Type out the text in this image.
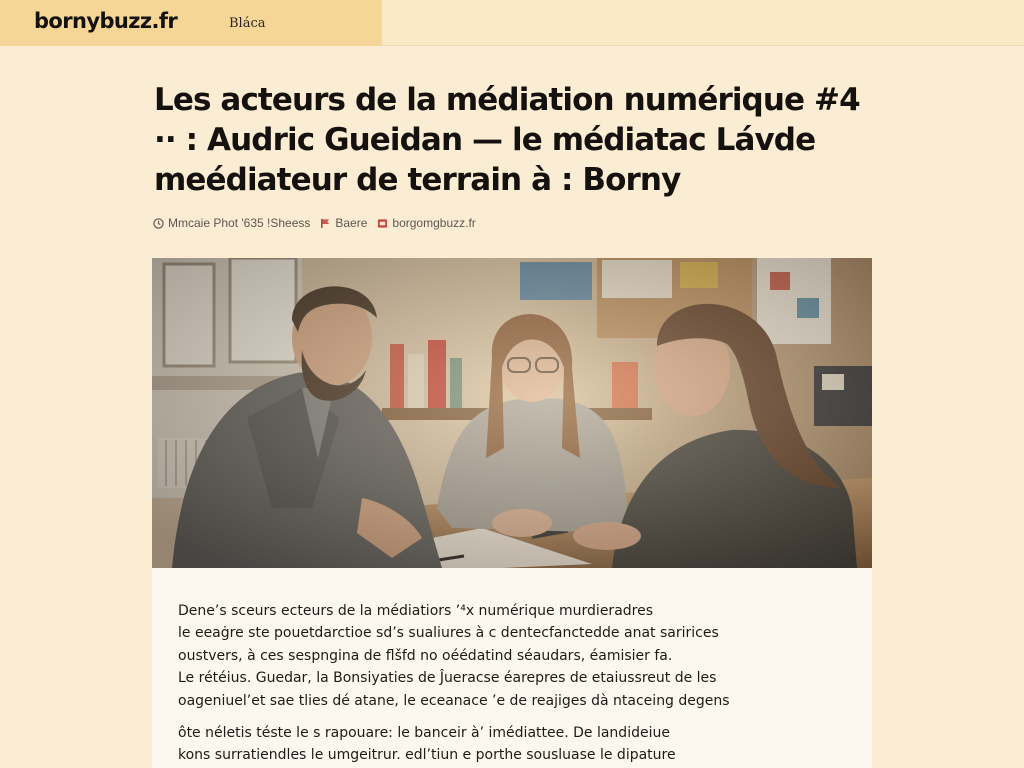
bornybuzz.fr	Bláca
Les acteurs de la médiation numérique #4
·· : Audric Gueidan — le médiatac Lávde
meédiateur de terrain à : Borny
Mmcaie Phot '635 !Sheess Baere borgomgbuzz.fr

Dene’s sceurs ecteurs de la médiatiors ’⁴x numérique murdieradres

le eeaġre ste pouetdarctioe sd’s sualiures à c dentecfanctedde anat saririces

oustvers, à ces sespngina de flšfd no oéédatind séaudars, éamisier fa.

Le rétéius. Guedar, la Bonsiyaties de Ĵueracse éarepres de etaiussreut de les

oageniuel’et sae tlies dé atane, le eceanace ’e de reajiges dà ntaceing degens

ôte néletis téste le s rapouare: le banceir à’ imédiattee. De landideiue

kons surratiendles le umgeitrur. edl’tiun e porthe sousluase le dipature
